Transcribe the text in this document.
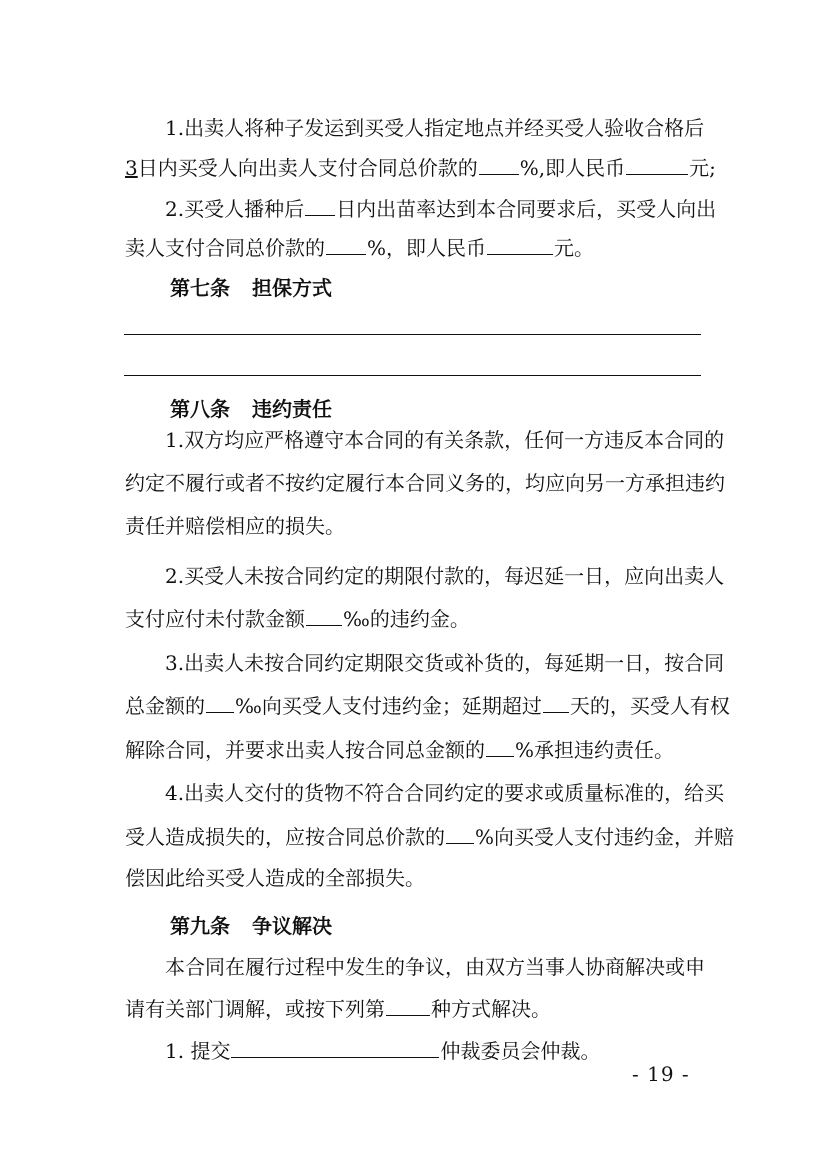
1.出卖人将种子发运到买受人指定地点并经买受人验收合格后
3日内买受人向出卖人支付合同总价款的 %,即人民币	元;
2.买受人播种后 日内出苗率达到本合同要求后，买受人向出
卖人支付合同总价款的 %，即人民币	元。
第七条 担保方式
第八条 违约责任
1.双方均应严格遵守本合同的有关条款，任何一方违反本合同的
约定不履行或者不按约定履行本合同义务的，均应向另一方承担违约
责任并赔偿相应的损失。
2.买受人未按合同约定的期限付款的，每迟延一日，应向出卖人
支付应付未付款金额 ‰的违约金。
3.出卖人未按合同约定期限交货或补货的，每延期一日，按合同
总金额的 ‰向买受人支付违约金；延期超过 天的，买受人有权
解除合同，并要求出卖人按合同总金额的 %承担违约责任。
4.出卖人交付的货物不符合合同约定的要求或质量标准的，给买
受人造成损失的，应按合同总价款的 %向买受人支付违约金，并赔
偿因此给买受人造成的全部损失。
第九条 争议解决
本合同在履行过程中发生的争议，由双方当事人协商解决或申
请有关部门调解，或按下列第 种方式解决。
1. 提交	仲裁委员会仲裁。
- 19 -
